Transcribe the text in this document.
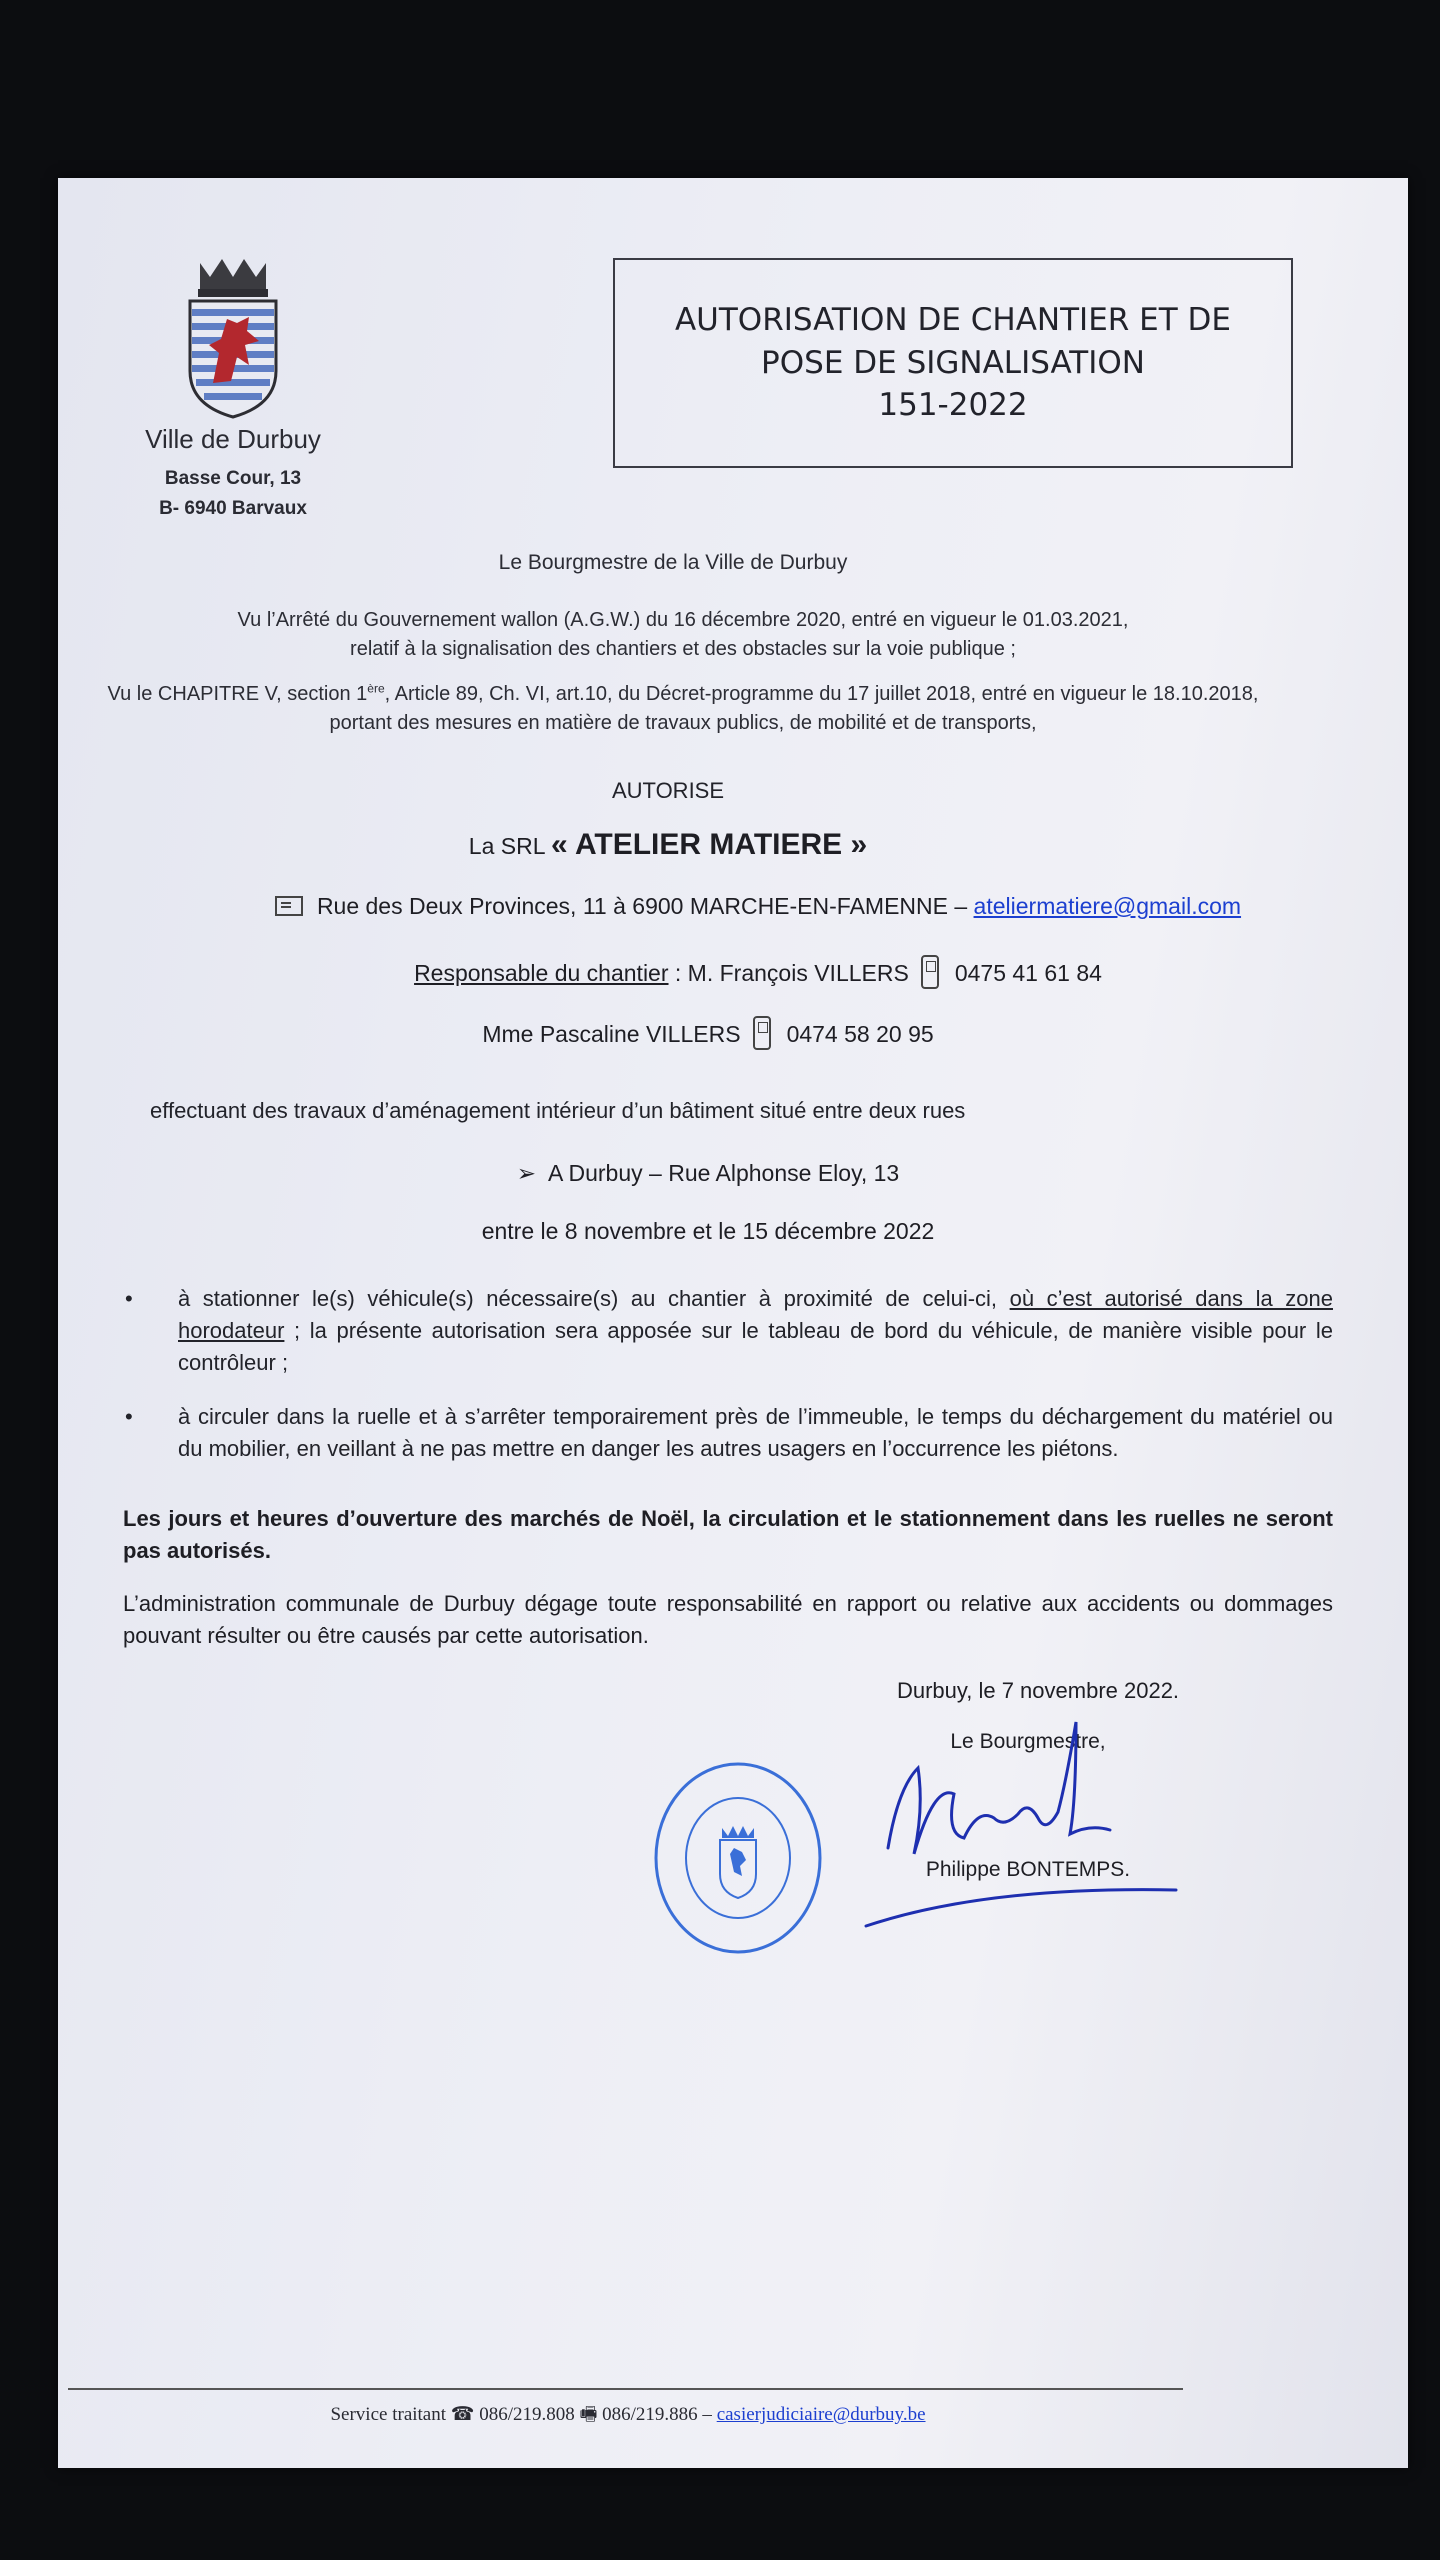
Ville de Durbuy
Basse Cour, 13
B- 6940 Barvaux
AUTORISATION DE CHANTIER ET DE
POSE DE SIGNALISATION
151-2022
Le Bourgmestre de la Ville de Durbuy
Vu l’Arrêté du Gouvernement wallon (A.G.W.) du 16 décembre 2020, entré en vigueur le 01.03.2021,
relatif à la signalisation des chantiers et des obstacles sur la voie publique ;
Vu le CHAPITRE V, section 1ère, Article 89, Ch. VI, art.10, du Décret-programme du 17 juillet 2018, entré en vigueur le 18.10.2018,
portant des mesures en matière de travaux publics, de mobilité et de transports,
AUTORISE
La SRL « ATELIER MATIERE »
Rue des Deux Provinces, 11 à 6900 MARCHE-EN-FAMENNE – ateliermatiere@gmail.com
Responsable du chantier : M. François VILLERS 0475 41 61 84
Mme Pascaline VILLERS 0474 58 20 95
effectuant des travaux d’aménagement intérieur d’un bâtiment situé entre deux rues
➢ A Durbuy – Rue Alphonse Eloy, 13
entre le 8 novembre et le 15 décembre 2022
• à stationner le(s) véhicule(s) nécessaire(s) au chantier à proximité de celui-ci, où c’est autorisé dans la zone horodateur ; la présente autorisation sera apposée sur le tableau de bord du véhicule, de manière visible pour le contrôleur ;
• à circuler dans la ruelle et à s’arrêter temporairement près de l’immeuble, le temps du déchargement du matériel ou du mobilier, en veillant à ne pas mettre en danger les autres usagers en l’occurrence les piétons.
Les jours et heures d’ouverture des marchés de Noël, la circulation et le stationnement dans les ruelles ne seront pas autorisés.
L’administration communale de Durbuy dégage toute responsabilité en rapport ou relative aux accidents ou dommages pouvant résulter ou être causés par cette autorisation.
Durbuy, le 7 novembre 2022.
Le Bourgmestre,
Philippe BONTEMPS.
Service traitant ☎ 086/219.808 🖷 086/219.886 – casierjudiciaire@durbuy.be
